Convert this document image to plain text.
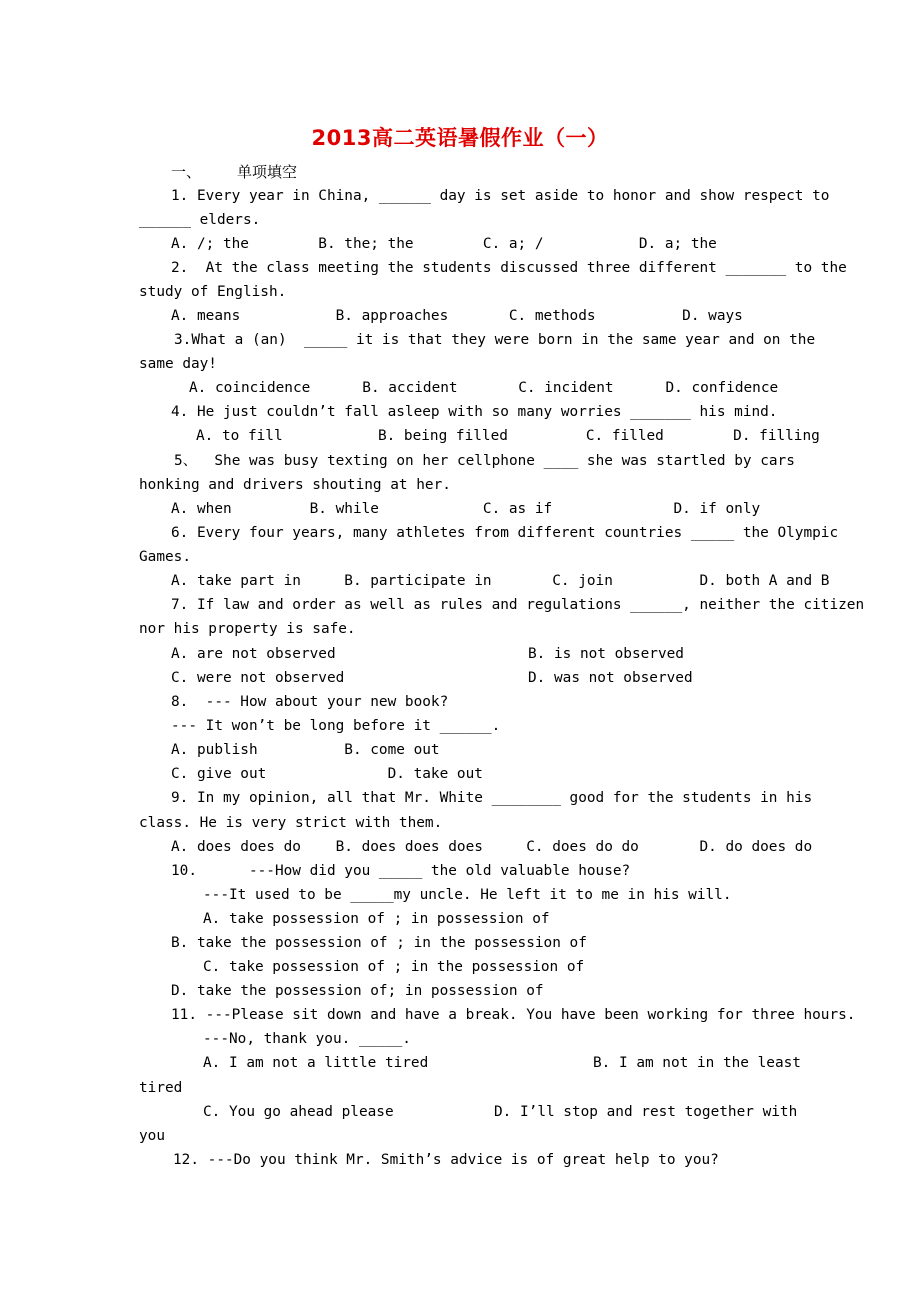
2013高二英语暑假作业（一）
一、 单项填空
1. Every year in China, ______ day is set aside to honor and show respect to
______ elders.
A. /; the        B. the; the        C. a; /           D. a; the
2.  At the class meeting the students discussed three different _______ to the
study of English.
A. means           B. approaches       C. methods          D. ways
3.What a (an)  _____ it is that they were born in the same year and on the
same day!
A. coincidence      B. accident       C. incident      D. confidence
4. He just couldn’t fall asleep with so many worries _______ his mind.
A. to fill           B. being filled         C. filled        D. filling
5、  She was busy texting on her cellphone ____ she was startled by cars
honking and drivers shouting at her.
A. when         B. while            C. as if              D. if only
6. Every four years, many athletes from different countries _____ the Olympic
Games.
A. take part in     B. participate in       C. join          D. both A and B
7. If law and order as well as rules and regulations ______, neither the citizen
nor his property is safe.
A. are not observed	B. is not observed
C. were not observed	D. was not observed
8.  --- How about your new book?
--- It won’t be long before it ______.
A. publish          B. come out
C. give out              D. take out
9. In my opinion, all that Mr. White ________ good for the students in his
class. He is very strict with them.
A. does does do    B. does does does     C. does do do       D. do does do
10.      ---How did you _____ the old valuable house?
---It used to be _____my uncle. He left it to me in his will.
A. take possession of ; in possession of
B. take the possession of ; in the possession of
C. take possession of ; in the possession of
D. take the possession of; in possession of
11. ---Please sit down and have a break. You have been working for three hours.
---No, thank you. _____.
A. I am not a little tired	B. I am not in the least
tired
C. You go ahead please	D. I’ll stop and rest together with
you
12. ---Do you think Mr. Smith’s advice is of great help to you?
